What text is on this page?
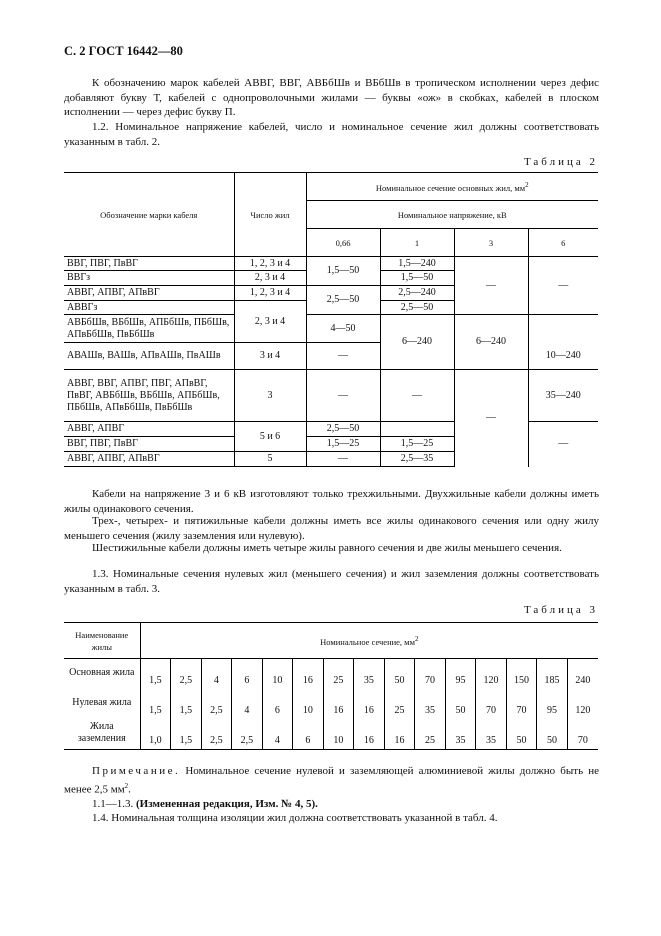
С. 2 ГОСТ 16442—80
К обозначению марок кабелей АВВГ, ВВГ, АВБбШв и ВБбШв в тропическом исполнении через дефис добавляют букву Т, кабелей с однопроволочными жилами — буквы «ож» в скобках, кабелей в плоском исполнении — через дефис букву П.
1.2. Номинальное напряжение кабелей, число и номинальное сечение жил должны соответствовать указанным в табл. 2.
Таблица 2
Обозначение марки кабеля	Число жил	Номинальное сечение основных жил, $мм^2$
		Номинальное напряжение, кВ			
		0,66	1	3	6
ВВГ, ПВГ, ПвВГ	1, 2, 3 и 4	1,5—50	1,5—240	—	—
ВВГз	2, 3 и 4		1,5—50		
АВВГ, АПВГ, АПвВГ	1, 2, 3 и 4	2,5—50	2,5—240		
АВВГз	2, 3 и 4		2,5—50		
АВБбШв, ВБбШв, АПБбШв, ПБбШв, АПвБбШв, ПвБбШв		4—50	6—240	6—240	
АВАШв, ВАШв, АПвАШв, ПвАШв	3 и 4	—			10—240
АВВГ, ВВГ, АПВГ, ПВГ, АПвВГ, ПвВГ, АВБбШв, ВБбШв, АПБбШв, ПБбШв, АПвБбШв, ПвБбШв	3	—	—	—	35—240
АВВГ, АПВГ	5 и 6	2,5—50			—
ВВГ, ПВГ, ПвВГ		1,5—25	1,5—25		
АВВГ, АПВГ, АПвВГ	5	—	2,5—35		
Кабели на напряжение 3 и 6 кВ изготовляют только трехжильными. Двухжильные кабели должны иметь жилы одинакового сечения.
Трех-, четырех- и пятижильные кабели должны иметь все жилы одинакового сечения или одну жилу меньшего сечения (жилу заземления или нулевую).
Шестижильные кабели должны иметь четыре жилы равного сечения и две жилы меньшего сечения.
1.3. Номинальные сечения нулевых жил (меньшего сечения) и жил заземления должны соответствовать указанным в табл. 3.
Таблица 3
Наименование жилы	Номинальное сечение, $мм^2$
Основная жила	1,5	2,5	4	6	10	16	25	35	50	70	95	120	150	185	240
Нулевая жила	1,5	1,5	2,5	4	6	10	16	16	25	35	50	70	70	95	120
Жила заземления	1,0	1,5	2,5	2,5	4	6	10	16	16	25	35	35	50	50	70
Примечание. Номинальное сечение нулевой и заземляющей алюминиевой жилы должно быть не менее 2,5 $мм^2$.
1.1—1.3. (Измененная редакция, Изм. № 4, 5).
1.4. Номинальная толщина изоляции жил должна соответствовать указанной в табл. 4.
